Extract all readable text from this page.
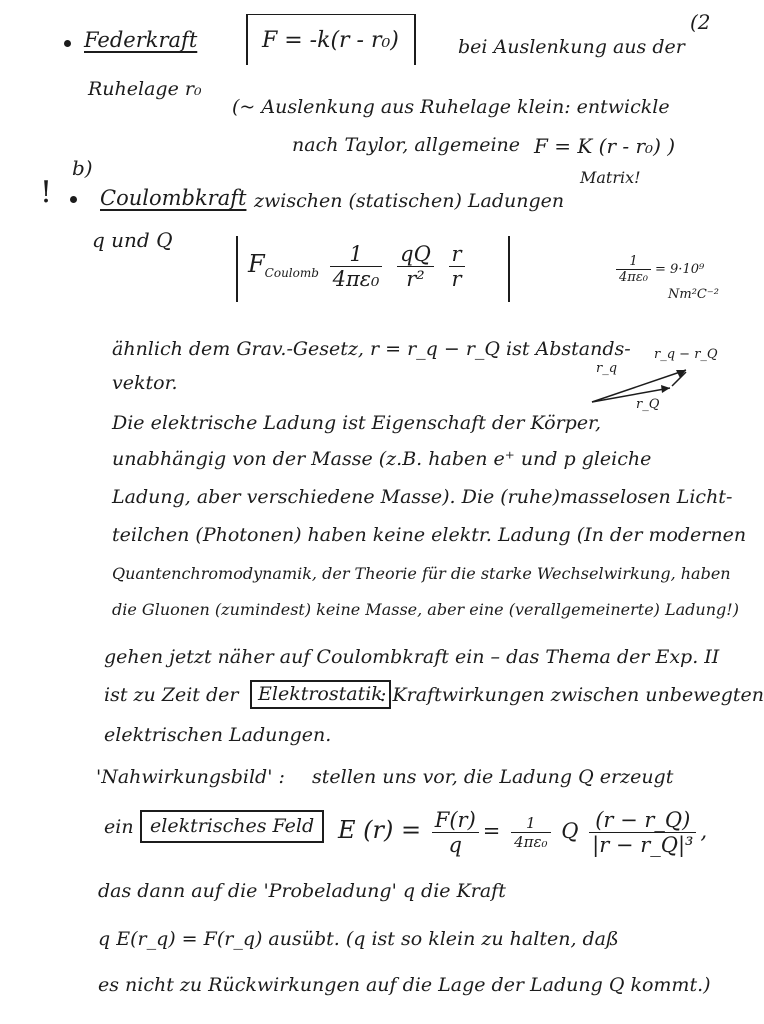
(2
Federkraft
Ruhelage r₀
F = -k(r - r₀)	bei Auslenkung aus der
(~ Auslenkung aus Ruhelage klein: entwickle
nach Taylor, allgemeine F = K (r - r₀) )
Matrix!
b)
! Coulombkraft zwischen (statischen) Ladungen
q und Q
$F_{Coulomb} \frac{1}{\text{4πε₀}}$
$\frac{qQ}{\text{r²}}$
$\frac{r}{r}$	$\frac{1}{\text{4πε₀}} = 9\cdot 10^9$
Nm²C⁻²
ähnlich dem Grav.-Gesetz, r = r_q − r_Q ist Abstands-
vektor.
r_q
r_q − r_Q
r_Q
Die elektrische Ladung ist Eigenschaft der Körper,
unabhängig von der Masse (z.B. haben e⁺ und p gleiche
Ladung, aber verschiedene Masse). Die (ruhe)masselosen Licht-
teilchen (Photonen) haben keine elektr. Ladung (In der modernen
Quantenchromodynamik, der Theorie für die starke Wechselwirkung, haben
die Gluonen (zumindest) keine Masse, aber eine (verallgemeinerte) Ladung!)
gehen jetzt näher auf Coulombkraft ein – das Thema der Exp. II
ist zu Zeit der	Elektrostatik
: Kraftwirkungen zwischen unbewegten
elektrischen Ladungen.
'Nahwirkungsbild' : stellen uns vor, die Ladung Q erzeugt
ein elektrisches Feld E $(r) = \frac{F(r)}{q} = \frac{1}{\text{4πε₀}}$ Q $\frac{(r - r\_Q)}{\text{|r − r\_Q|³}}$ ,
das dann auf die 'Probeladung' q die Kraft
q E(r_q) = F(r_q) ausübt. (q ist so klein zu halten, daß
es nicht zu Rückwirkungen auf die Lage der Ladung Q kommt.)
